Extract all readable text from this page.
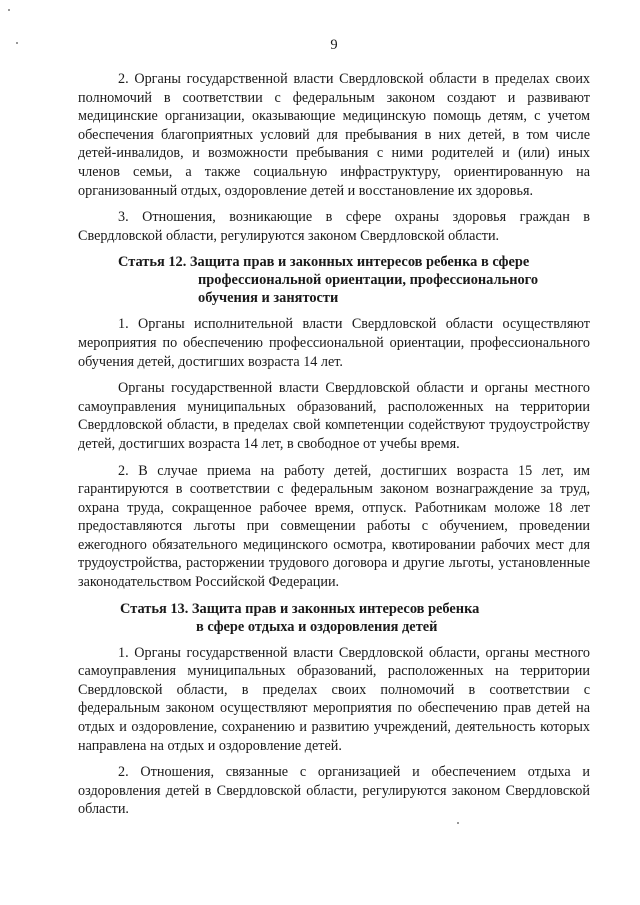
9

2. Органы государственной власти Свердловской области в пределах своих полномочий в соответствии с федеральным законом создают и развивают медицинские организации, оказывающие медицинскую помощь детям, с учетом обеспечения благоприятных условий для пребывания в них детей, в том числе детей-инвалидов, и возможности пребывания с ними родителей и (или) иных членов семьи, а также социальную инфраструктуру, ориентированную на организованный отдых, оздоровление детей и восстановление их здоровья.

3. Отношения, возникающие в сфере охраны здоровья граждан в Свердловской области, регулируются законом Свердловской области.

Статья 12. Защита прав и законных интересов ребенка в сфере
профессиональной ориентации, профессионального
обучения и занятости

1. Органы исполнительной власти Свердловской области осуществляют мероприятия по обеспечению профессиональной ориентации, профессионального обучения детей, достигших возраста 14 лет.

Органы государственной власти Свердловской области и органы местного самоуправления муниципальных образований, расположенных на территории Свердловской области, в пределах свой компетенции содействуют трудоустройству детей, достигших возраста 14 лет, в свободное от учебы время.

2. В случае приема на работу детей, достигших возраста 15 лет, им гарантируются в соответствии с федеральным законом вознаграждение за труд, охрана труда, сокращенное рабочее время, отпуск. Работникам моложе 18 лет предоставляются льготы при совмещении работы с обучением, проведении ежегодного обязательного медицинского осмотра, квотировании рабочих мест для трудоустройства, расторжении трудового договора и другие льготы, установленные законодательством Российской Федерации.

Статья 13. Защита прав и законных интересов ребенка
в сфере отдыха и оздоровления детей

1. Органы государственной власти Свердловской области, органы местного самоуправления муниципальных образований, расположенных на территории Свердловской области, в пределах своих полномочий в соответствии с федеральным законом осуществляют мероприятия по обеспечению прав детей на отдых и оздоровление, сохранению и развитию учреждений, деятельность которых направлена на отдых и оздоровление детей.

2. Отношения, связанные с организацией и обеспечением отдыха и оздоровления детей в Свердловской области, регулируются законом Свердловской области.
